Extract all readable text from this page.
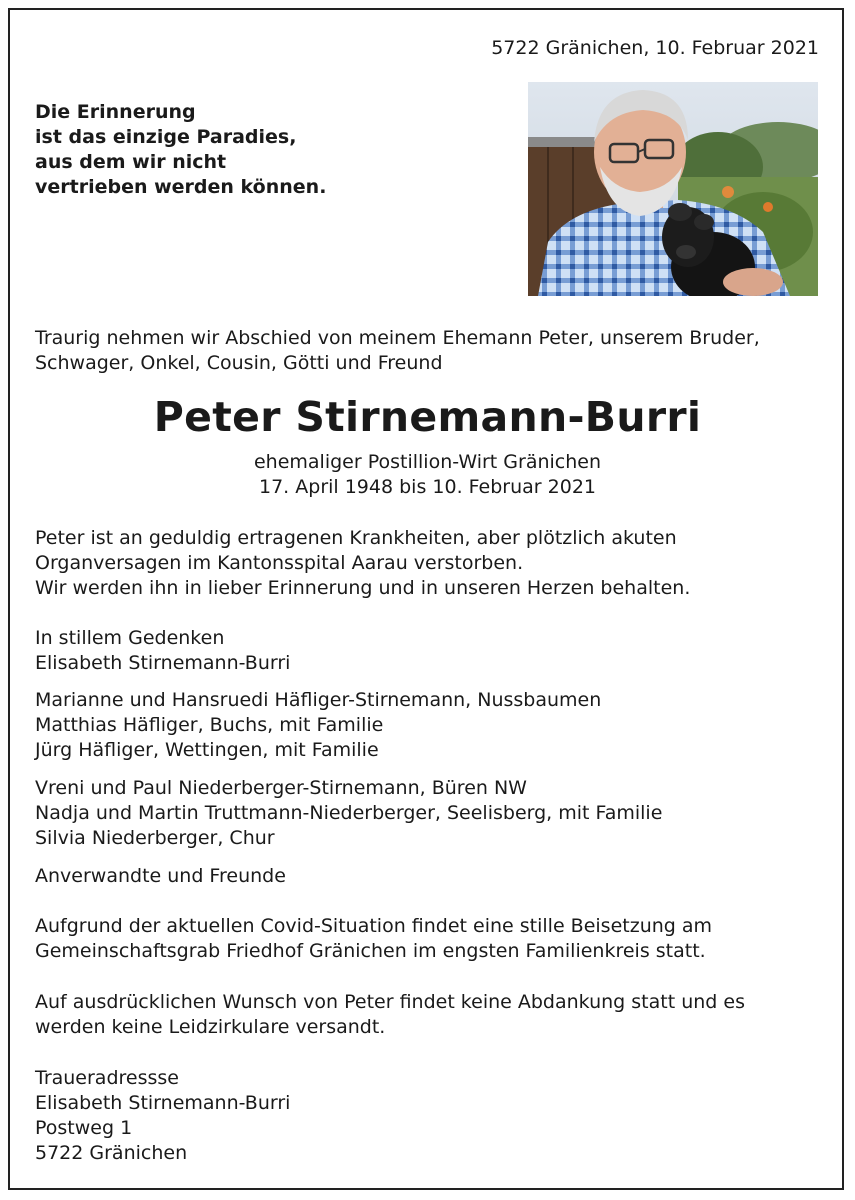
5722 Gränichen, 10. Februar 2021

Die Erinnerung
ist das einzige Paradies,
aus dem wir nicht
vertrieben werden können.
Traurig nehmen wir Abschied von meinem Ehemann Peter, unserem Bruder,
Schwager, Onkel, Cousin, Götti und Freund
Peter Stirnemann-Burri
ehemaliger Postillion-Wirt Gränichen
17. April 1948 bis 10. Februar 2021
Peter ist an geduldig ertragenen Krankheiten, aber plötzlich akuten
Organversagen im Kantonsspital Aarau verstorben.
Wir werden ihn in lieber Erinnerung und in unseren Herzen behalten.
In stillem Gedenken
Elisabeth Stirnemann-Burri
Marianne und Hansruedi Häfliger-Stirnemann, Nussbaumen
Matthias Häfliger, Buchs, mit Familie
Jürg Häfliger, Wettingen, mit Familie
Vreni und Paul Niederberger-Stirnemann, Büren NW
Nadja und Martin Truttmann-Niederberger, Seelisberg, mit Familie
Silvia Niederberger, Chur
Anverwandte und Freunde
Aufgrund der aktuellen Covid-Situation findet eine stille Beisetzung am
Gemeinschaftsgrab Friedhof Gränichen im engsten Familienkreis statt.
Auf ausdrücklichen Wunsch von Peter findet keine Abdankung statt und es
werden keine Leidzirkulare versandt.
Traueradressse
Elisabeth Stirnemann-Burri
Postweg 1
5722 Gränichen
